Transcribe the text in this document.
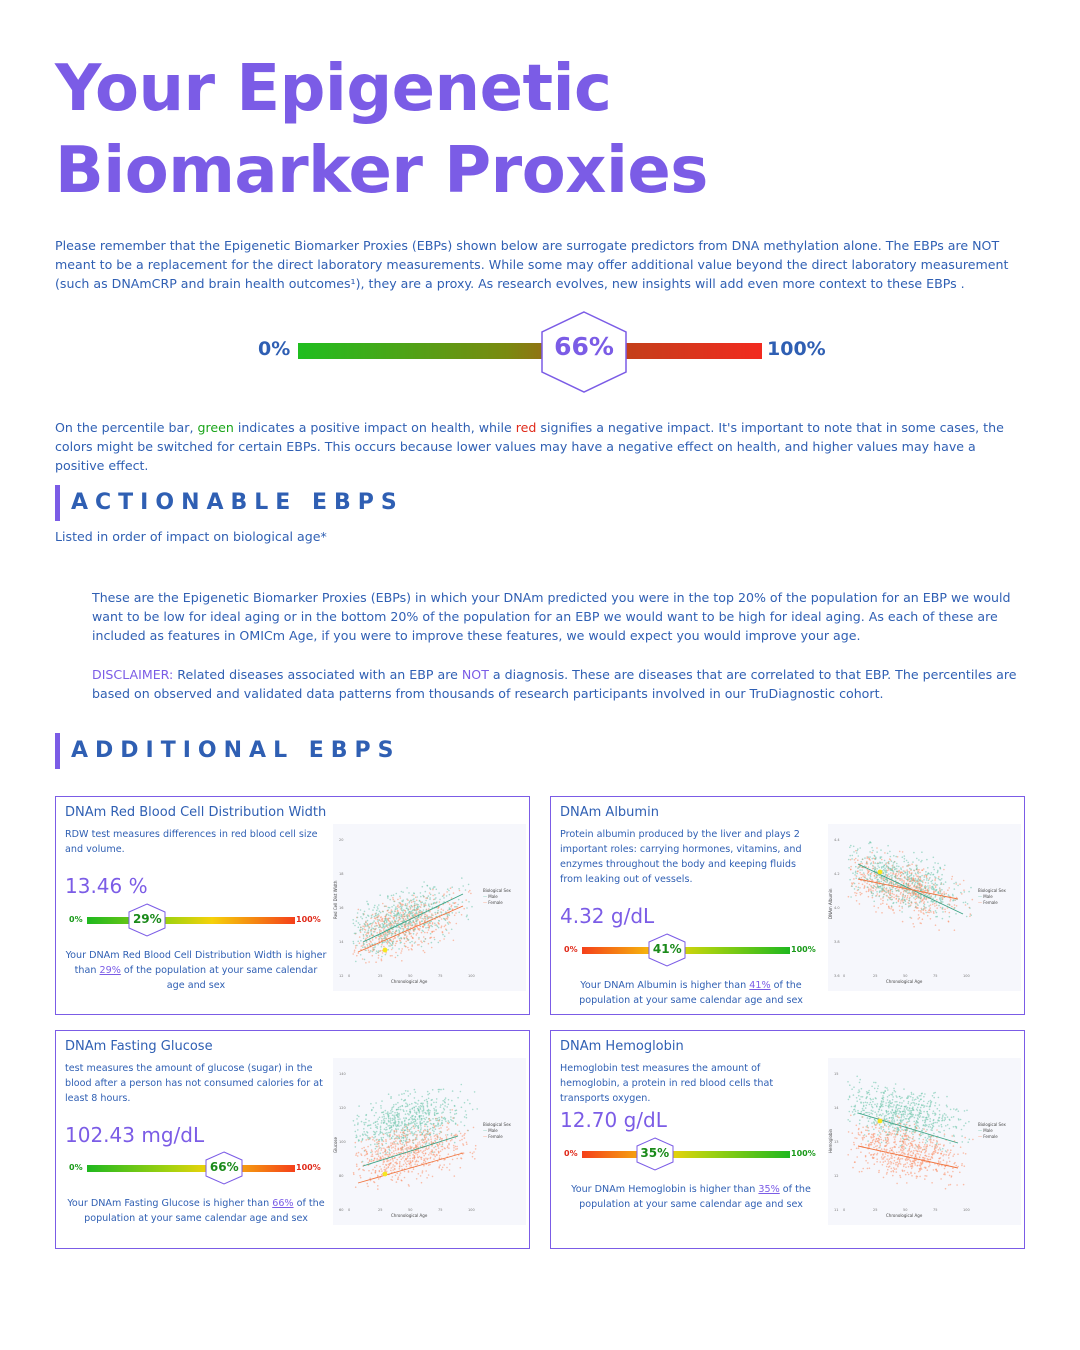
Your Epigenetic
Biomarker Proxies
Please remember that the Epigenetic Biomarker Proxies (EBPs) shown below are surrogate predictors from DNA methylation alone. The EBPs are NOT meant to be a replacement for the direct laboratory measurements. While some may offer additional value beyond the direct laboratory measurement (such as DNAmCRP and brain health outcomes¹), they are a proxy. As research evolves, new insights will add even more context to these EBPs .
0%	66%	100%
On the percentile bar, green indicates a positive impact on health, while red signifies a negative impact. It's important to note that in some cases, the colors might be switched for certain EBPs. This occurs because lower values may have a negative effect on health, and higher values may have a positive effect.
ACTIONABLE EBPS
Listed in order of impact on biological age*
These are the Epigenetic Biomarker Proxies (EBPs) in which your DNAm predicted you were in the top 20% of the population for an EBP we would want to be low for ideal aging or in the bottom 20% of the population for an EBP we would want to be high for ideal aging. As each of these are included as features in OMICm Age, if you were to improve these features, we would expect you would improve your age.
DISCLAIMER: Related diseases associated with an EBP are NOT a diagnosis. These are diseases that are correlated to that EBP. The percentiles are based on observed and validated data patterns from thousands of research participants involved in our TruDiagnostic cohort.
ADDITIONAL EBPS
DNAm Red Blood Cell Distribution Width
RDW test measures differences in red blood cell size and volume.
13.46 %
0%	29%	100%
Your DNAm Red Blood Cell Distribution Width is higher than 29% of the population at your same calendar age and sex
Red Cell Dist Width
Chronological Age
Biological Sex
— Male
— Female
20
18
16
14
12 0	25	50	75	100
DNAm Albumin
Protein albumin produced by the liver and plays 2 important roles: carrying hormones, vitamins, and enzymes throughout the body and keeping fluids from leaking out of vessels.
4.32 g/dL
0%	41%	100%
Your DNAm Albumin is higher than 41% of the population at your same calendar age and sex
DNAm Albumin
Chronological Age
Biological Sex
— Male
— Female
4.4
4.2
4.0
3.8
3.6 0	25	50	75	100
DNAm Fasting Glucose
test measures the amount of glucose (sugar) in the blood after a person has not consumed calories for at least 8 hours.
102.43 mg/dL
0%	66%	100%
Your DNAm Fasting Glucose is higher than 66% of the population at your same calendar age and sex
Glucose
Chronological Age
Biological Sex
— Male
— Female
140
120
100
80
60 0	25	50	75	100
DNAm Hemoglobin
Hemoglobin test measures the amount of hemoglobin, a protein in red blood cells that transports oxygen.
12.70 g/dL
0%	35%	100%
Your DNAm Hemoglobin is higher than 35% of the population at your same calendar age and sex
Hemoglobin
Chronological Age
Biological Sex
— Male
— Female
15
14
13
12
11 0	25	50	75	100
